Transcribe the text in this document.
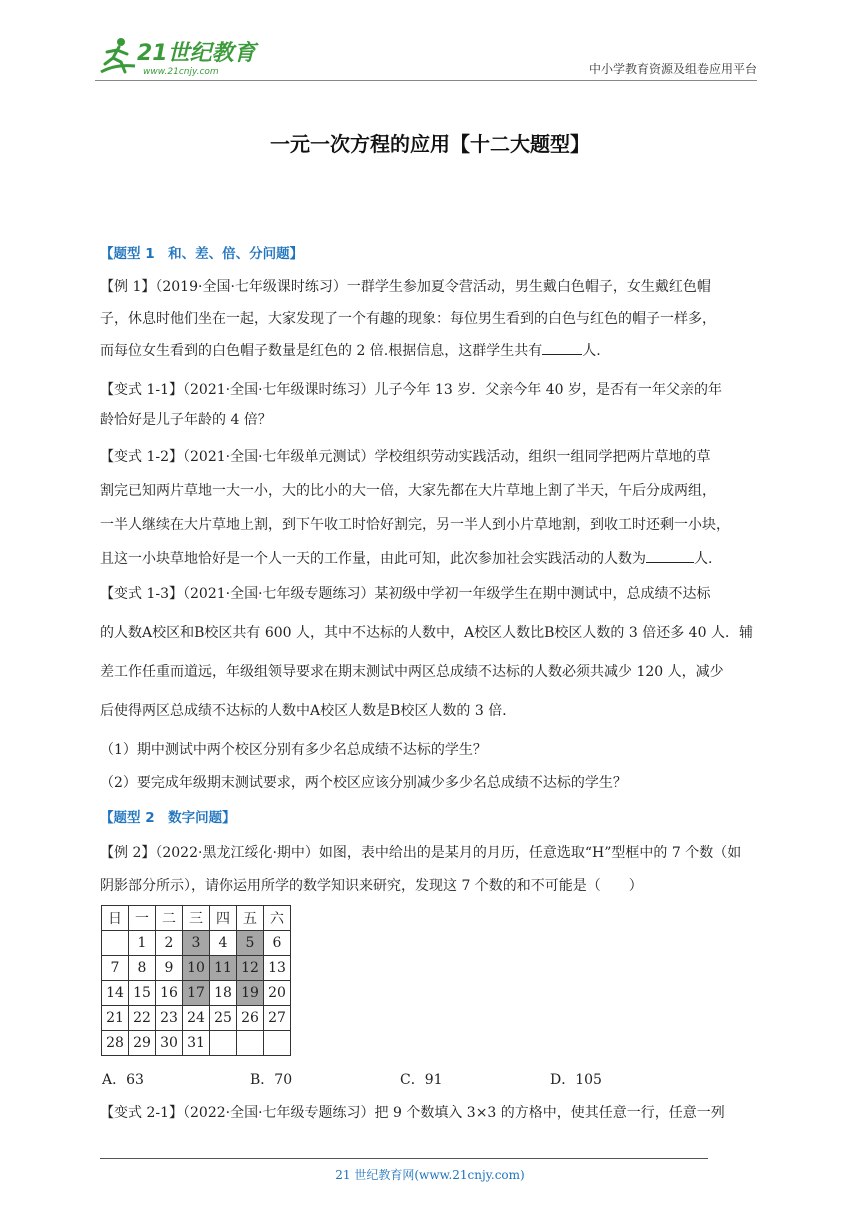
21世纪教育
www.21cnjy.com	中小学教育资源及组卷应用平台
一元一次方程的应用【十二大题型】
【题型 1　和、差、倍、分问题】
【例 1】（2019·全国·七年级课时练习）一群学生参加夏令营活动，男生戴白色帽子，女生戴红色帽
子，休息时他们坐在一起，大家发现了一个有趣的现象：每位男生看到的白色与红色的帽子一样多，
而每位女生看到的白色帽子数量是红色的 2 倍.根据信息，这群学生共有	人.
【变式 1-1】（2021·全国·七年级课时练习）儿子今年 13 岁．父亲今年 40 岁，是否有一年父亲的年
龄恰好是儿子年龄的 4 倍？
【变式 1-2】（2021·全国·七年级单元测试）学校组织劳动实践活动，组织一组同学把两片草地的草
割完已知两片草地一大一小，大的比小的大一倍，大家先都在大片草地上割了半天，午后分成两组，
一半人继续在大片草地上割，到下午收工时恰好割完，另一半人到小片草地割，到收工时还剩一小块，
且这一小块草地恰好是一个人一天的工作量，由此可知，此次参加社会实践活动的人数为	人.
【变式 1-3】（2021·全国·七年级专题练习）某初级中学初一年级学生在期中测试中，总成绩不达标
的人数A校区和B校区共有 600 人，其中不达标的人数中，A校区人数比B校区人数的 3 倍还多 40 人．辅
差工作任重而道远，年级组领导要求在期末测试中两区总成绩不达标的人数必须共减少 120 人，减少
后使得两区总成绩不达标的人数中A校区人数是B校区人数的 3 倍．
（1）期中测试中两个校区分别有多少名总成绩不达标的学生？
（2）要完成年级期末测试要求，两个校区应该分别减少多少名总成绩不达标的学生？
【题型 2　数字问题】
【例 2】（2022·黑龙江绥化·期中）如图，表中给出的是某月的月历，任意选取“H”型框中的 7 个数（如
阴影部分所示），请你运用所学的数学知识来研究，发现这 7 个数的和不可能是（　　）
日	一	二	三	四	五	六
	1	2	3	4	5	6
7	8	9	10	11	12	13
14	15	16	17	18	19	20
21	22	23	24	25	26	27
28	29	30	31			
A．63	B．70	C．91	D．105
【变式 2-1】（2022·全国·七年级专题练习）把 9 个数填入 3×3 的方格中，使其任意一行，任意一列
21 世纪教育网(www.21cnjy.com)
